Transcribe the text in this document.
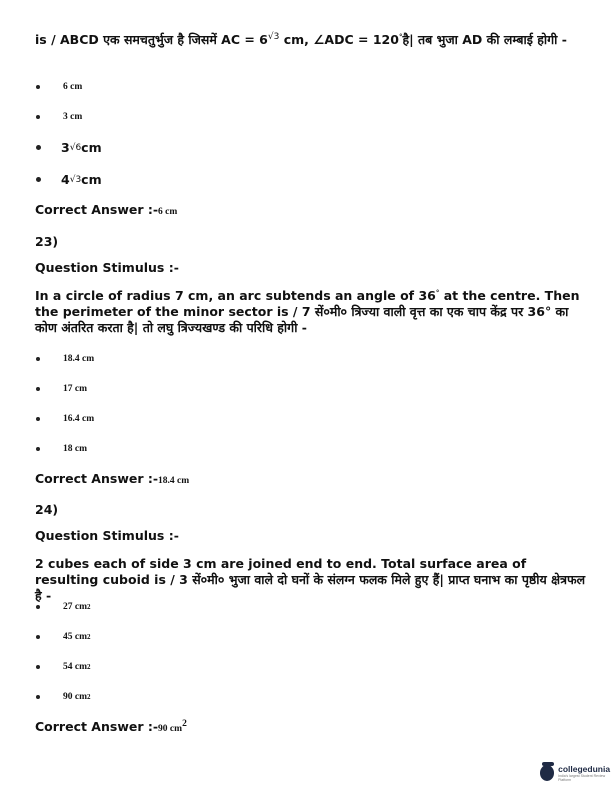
is / ABCD एक समचतुर्भुज है जिसमें AC = $6^{√3}$ cm, ∠ADC = 120°है| तब भुजा AD की लम्बाई होगी -

6 cm
3 cm
3 √6 cm
4 √3 cm
Correct Answer :-6 cm
23)
Question Stimulus :-

In a circle of radius 7 cm, an arc subtends an angle of 36° at the centre. Then the perimeter of the minor sector is / 7 सें०मी० त्रिज्या वाली वृत्त का एक चाप केंद्र पर 36° का कोण अंतरित करता है| तो लघु त्रिज्यखण्ड की परिधि होगी -

18.4 cm
17 cm
16.4 cm
18 cm
Correct Answer :-18.4 cm
24)
Question Stimulus :-

2 cubes each of side 3 cm are joined end to end. Total surface area of resulting cuboid is / 3 सें०मी० भुजा वाले दो घनों के संलग्न फलक मिले हुए हैं| प्राप्त घनाभ का पृष्ठीय क्षेत्रफल है -

27 cm 2
45 cm 2
54 cm 2
90 cm 2
Correct Answer :-90 $cm^2$
collegedunia
India's largest Student Review Platform
